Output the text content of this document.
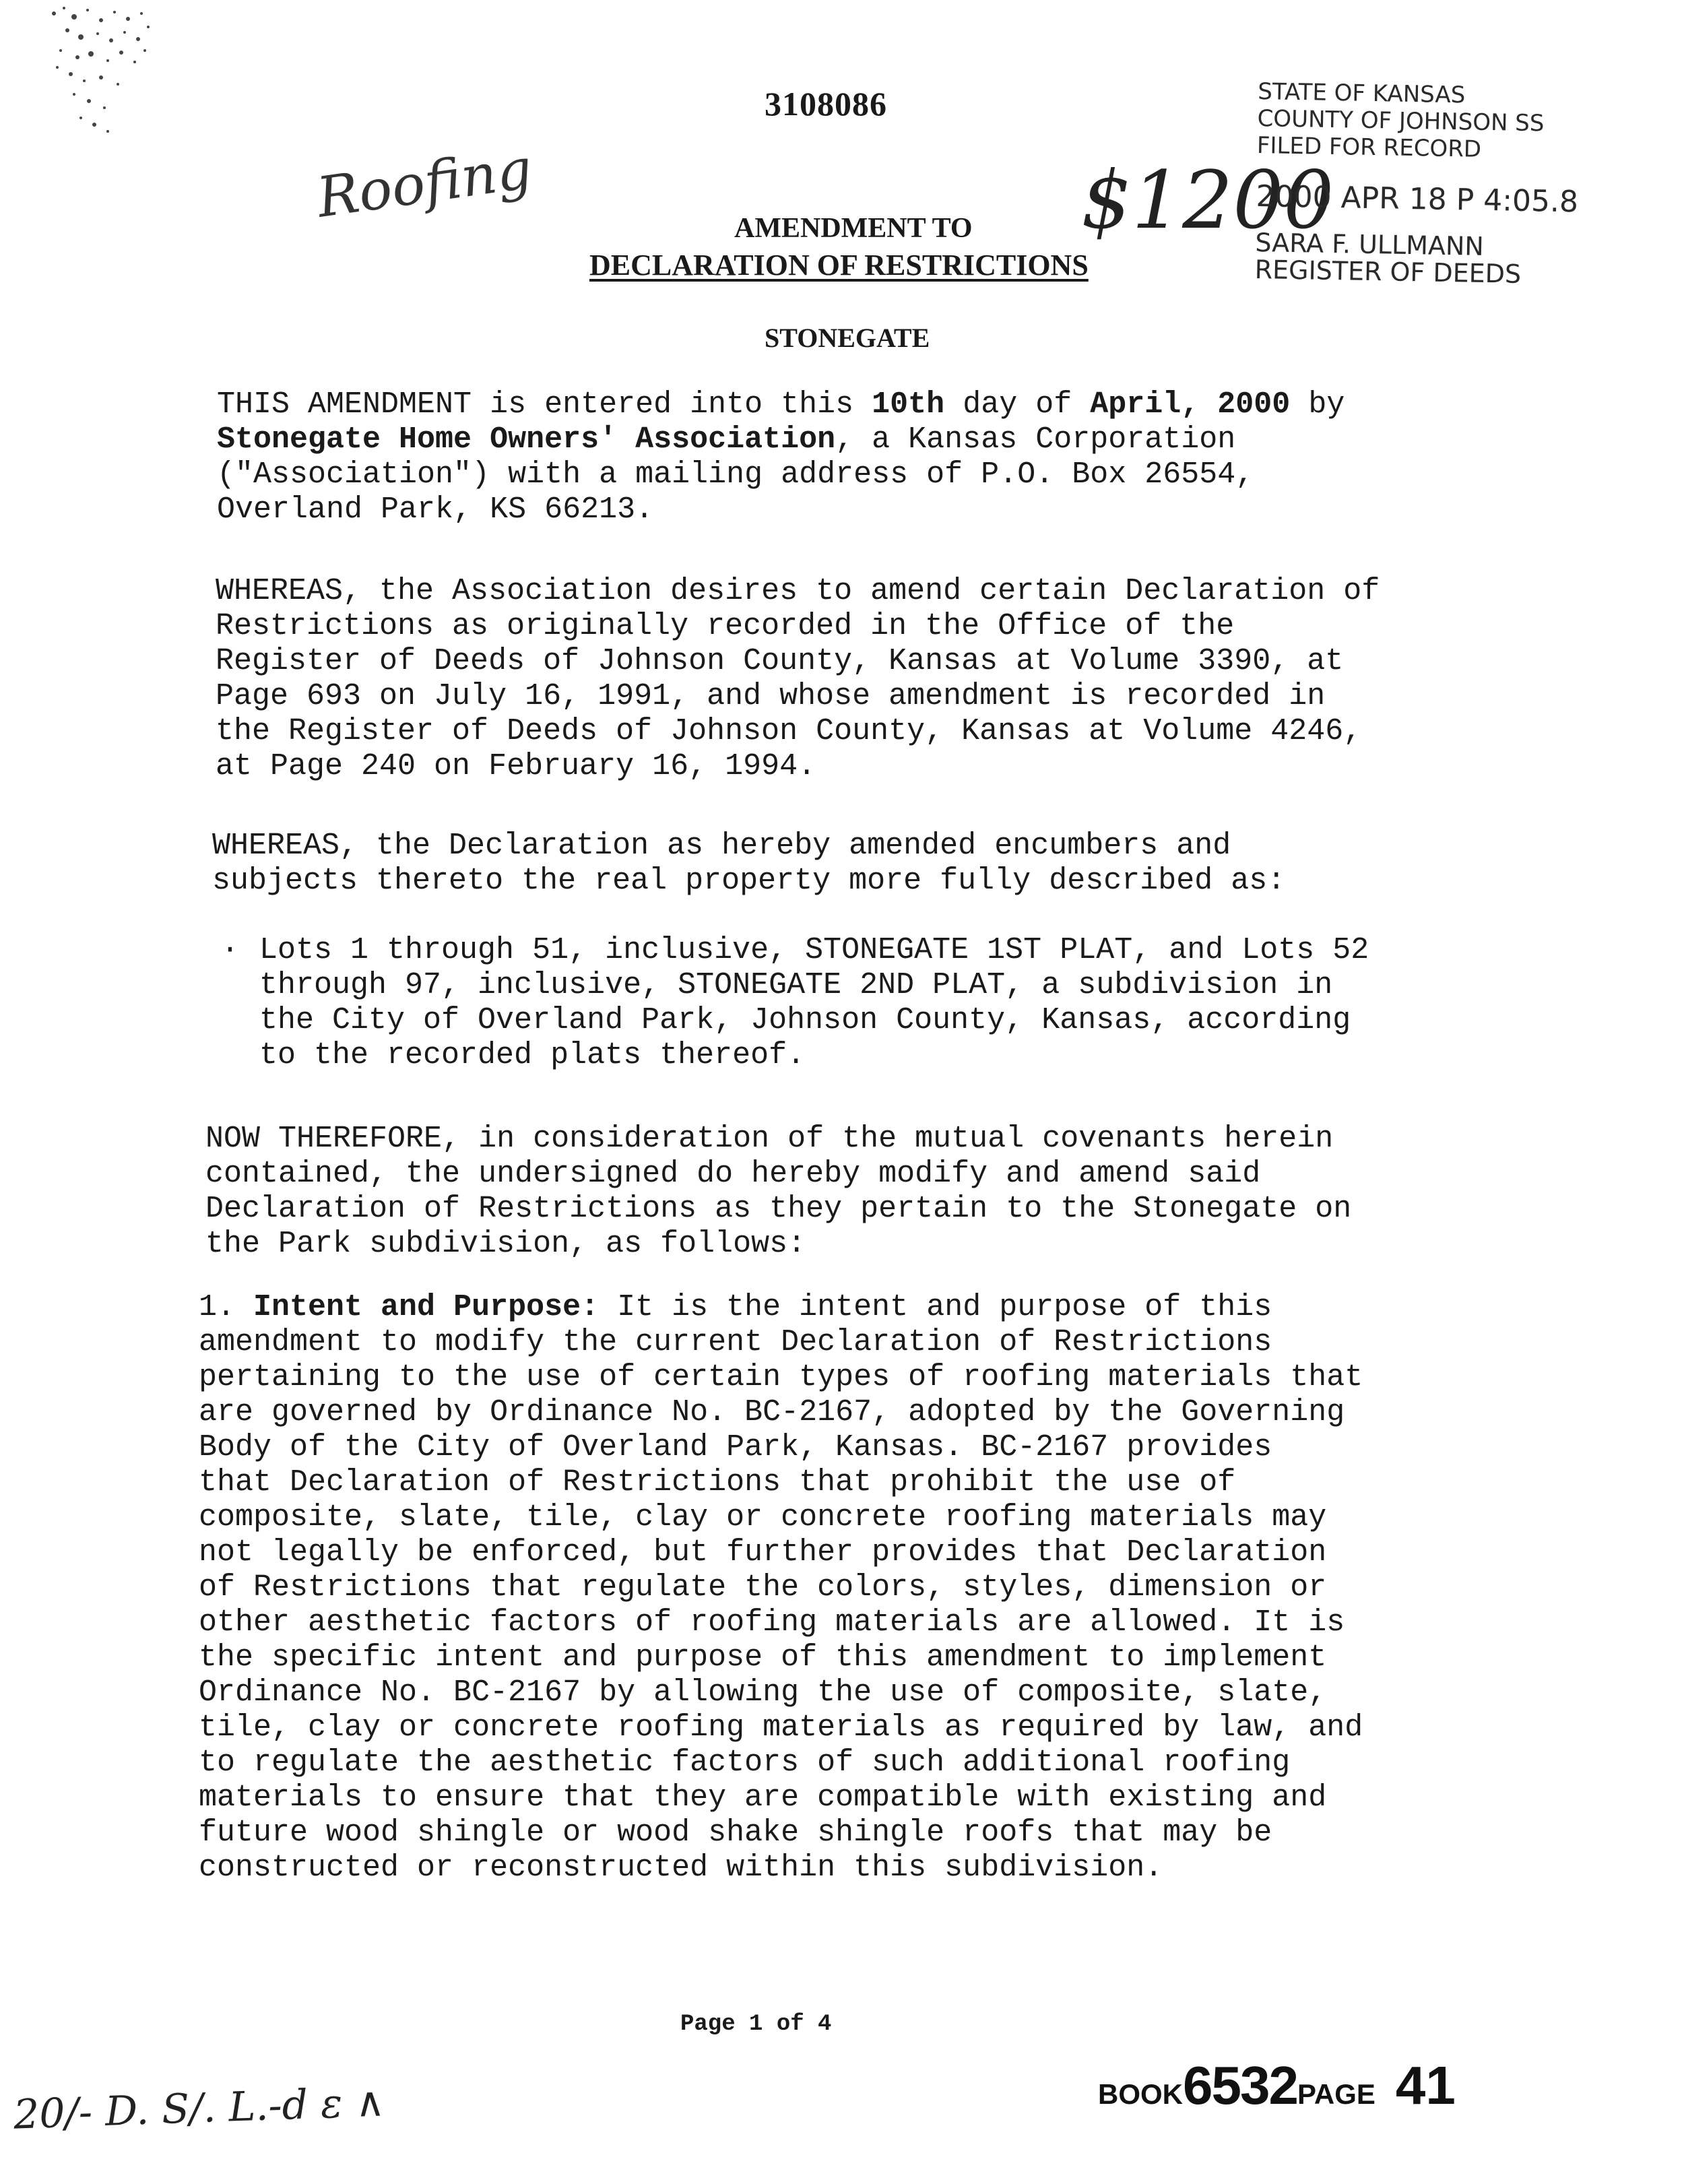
3108086
Roofing	$1200
STATE OF KANSAS
COUNTY OF JOHNSON SS
FILED FOR RECORD
2000 APR 18 P 4:05.8
SARA F. ULLMANN
REGISTER OF DEEDS
AMENDMENT TO
DECLARATION OF RESTRICTIONS
STONEGATE

THIS AMENDMENT is entered into this 10th day of April, 2000 by
Stonegate Home Owners' Association, a Kansas Corporation
("Association") with a mailing address of P.O. Box 26554,
Overland Park, KS 66213.

WHEREAS, the Association desires to amend certain Declaration of
Restrictions as originally recorded in the Office of the
Register of Deeds of Johnson County, Kansas at Volume 3390, at
Page 693 on July 16, 1991, and whose amendment is recorded in
the Register of Deeds of Johnson County, Kansas at Volume 4246,
at Page 240 on February 16, 1994.

WHEREAS, the Declaration as hereby amended encumbers and
subjects thereto the real property more fully described as:

· Lots 1 through 51, inclusive, STONEGATE 1ST PLAT, and Lots 52
through 97, inclusive, STONEGATE 2ND PLAT, a subdivision in
the City of Overland Park, Johnson County, Kansas, according
to the recorded plats thereof.

NOW THEREFORE, in consideration of the mutual covenants herein
contained, the undersigned do hereby modify and amend said
Declaration of Restrictions as they pertain to the Stonegate on
the Park subdivision, as follows:

1. Intent and Purpose: It is the intent and purpose of this
amendment to modify the current Declaration of Restrictions
pertaining to the use of certain types of roofing materials that
are governed by Ordinance No. BC-2167, adopted by the Governing
Body of the City of Overland Park, Kansas. BC-2167 provides
that Declaration of Restrictions that prohibit the use of
composite, slate, tile, clay or concrete roofing materials may
not legally be enforced, but further provides that Declaration
of Restrictions that regulate the colors, styles, dimension or
other aesthetic factors of roofing materials are allowed. It is
the specific intent and purpose of this amendment to implement
Ordinance No. BC-2167 by allowing the use of composite, slate,
tile, clay or concrete roofing materials as required by law, and
to regulate the aesthetic factors of such additional roofing
materials to ensure that they are compatible with existing and
future wood shingle or wood shake shingle roofs that may be
constructed or reconstructed within this subdivision.

Page 1 of 4
20/- D. S/. L.-d ɛ ∧	BOOK6532PAGE 41
